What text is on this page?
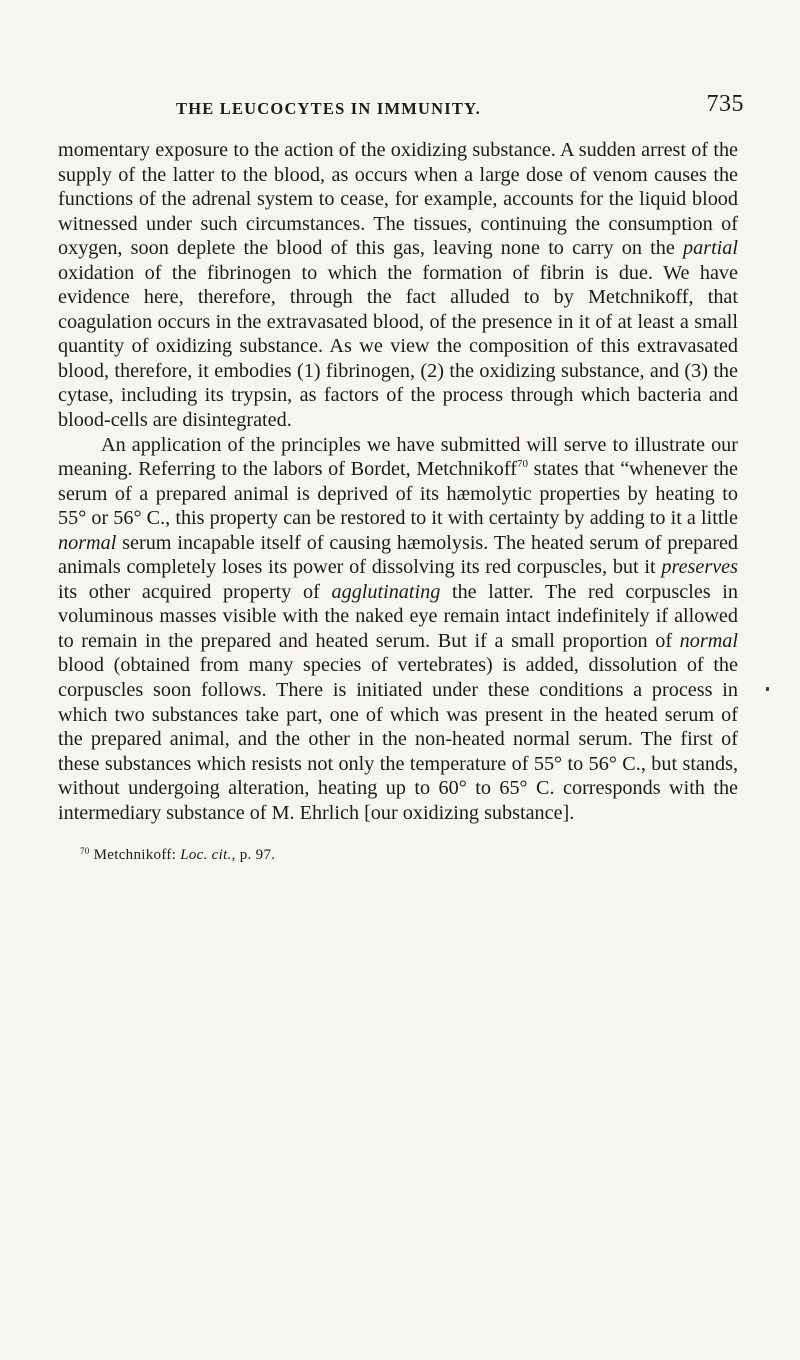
THE LEUCOCYTES IN IMMUNITY.	735

momentary exposure to the action of the oxidizing substance. A sudden arrest of the supply of the latter to the blood, as occurs when a large dose of venom causes the functions of the adrenal system to cease, for example, accounts for the liquid blood witnessed under such circumstances. The tissues, continuing the consumption of oxygen, soon deplete the blood of this gas, leaving none to carry on the partial oxidation of the fibrinogen to which the formation of fibrin is due. We have evidence here, therefore, through the fact alluded to by Metchnikoff, that coagulation occurs in the extravasated blood, of the presence in it of at least a small quantity of oxidizing substance. As we view the composition of this extravasated blood, therefore, it embodies (1) fibrinogen, (2) the oxidizing substance, and (3) the cytase, including its trypsin, as factors of the process through which bacteria and blood-cells are disintegrated.

An application of the principles we have submitted will serve to illustrate our meaning. Referring to the labors of Bordet, Metchnikoff$^{70}$ states that “whenever the serum of a prepared animal is deprived of its hæmolytic properties by heating to 55° or 56° C., this property can be restored to it with certainty by adding to it a little normal serum incapable itself of causing hæmolysis. The heated serum of prepared animals completely loses its power of dissolving its red corpuscles, but it preserves its other acquired property of agglutinating the latter. The red corpuscles in voluminous masses visible with the naked eye remain intact indefinitely if allowed to remain in the prepared and heated serum. But if a small proportion of normal blood (obtained from many species of vertebrates) is added, dissolution of the corpuscles soon follows. There is initiated under these conditions a process in which two substances take part, one of which was present in the heated serum of the prepared animal, and the other in the non-heated normal serum. The first of these substances which resists not only the temperature of 55° to 56° C., but stands, without undergoing alteration, heating up to 60° to 65° C. corresponds with the intermediary substance of M. Ehrlich [our oxidizing substance].

$^{70}$ Metchnikoff: Loc. cit., p. 97.
